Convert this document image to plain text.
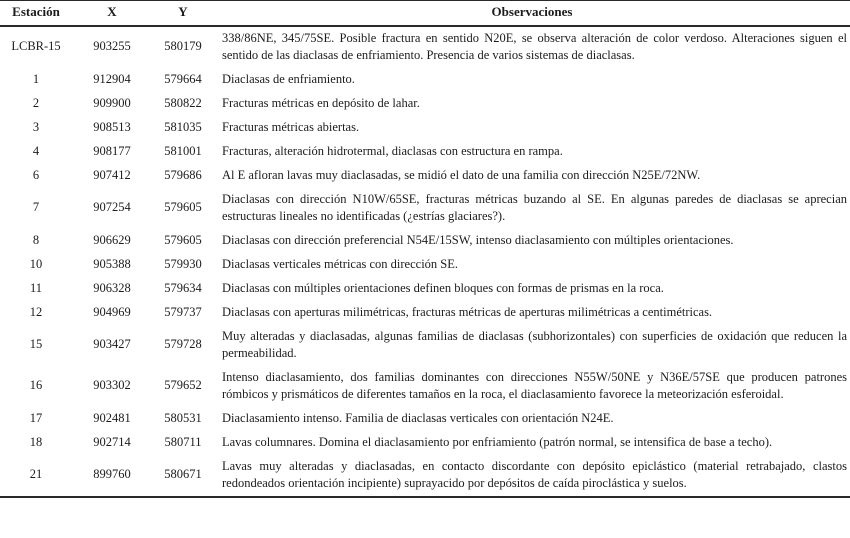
Estación	X	Y	Observaciones
LCBR-15	903255	580179	338/86NE, 345/75SE. Posible fractura en sentido N20E, se observa alteración de color verdoso. Alteraciones siguen el sentido de las diaclasas de enfriamiento. Presencia de varios sistemas de diaclasas.
1	912904	579664	Diaclasas de enfriamiento.
2	909900	580822	Fracturas métricas en depósito de lahar.
3	908513	581035	Fracturas métricas abiertas.
4	908177	581001	Fracturas, alteración hidrotermal, diaclasas con estructura en rampa.
6	907412	579686	Al E afloran lavas muy diaclasadas, se midió el dato de una familia con dirección N25E/72NW.
7	907254	579605	Diaclasas con dirección N10W/65SE, fracturas métricas buzando al SE. En algunas paredes de diaclasas se aprecian estructuras lineales no identificadas (¿estrías glaciares?).
8	906629	579605	Diaclasas con dirección preferencial N54E/15SW, intenso diaclasamiento con múltiples orientaciones.
10	905388	579930	Diaclasas verticales métricas con dirección SE.
11	906328	579634	Diaclasas con múltiples orientaciones definen bloques con formas de prismas en la roca.
12	904969	579737	Diaclasas con aperturas milimétricas, fracturas métricas de aperturas milimétricas a centimétricas.
15	903427	579728	Muy alteradas y diaclasadas, algunas familias de diaclasas (subhorizontales) con superficies de oxidación que reducen la permeabilidad.
16	903302	579652	Intenso diaclasamiento, dos familias dominantes con direcciones N55W/50NE y N36E/57SE que producen patrones rómbicos y prismáticos de diferentes tamaños en la roca, el diaclasamiento favorece la meteorización esferoidal.
17	902481	580531	Diaclasamiento intenso. Familia de diaclasas verticales con orientación N24E.
18	902714	580711	Lavas columnares. Domina el diaclasamiento por enfriamiento (patrón normal, se intensifica de base a techo).
21	899760	580671	Lavas muy alteradas y diaclasadas, en contacto discordante con depósito epiclástico (material retrabajado, clastos redondeados orientación incipiente) suprayacido por depósitos de caída piroclástica y suelos.
